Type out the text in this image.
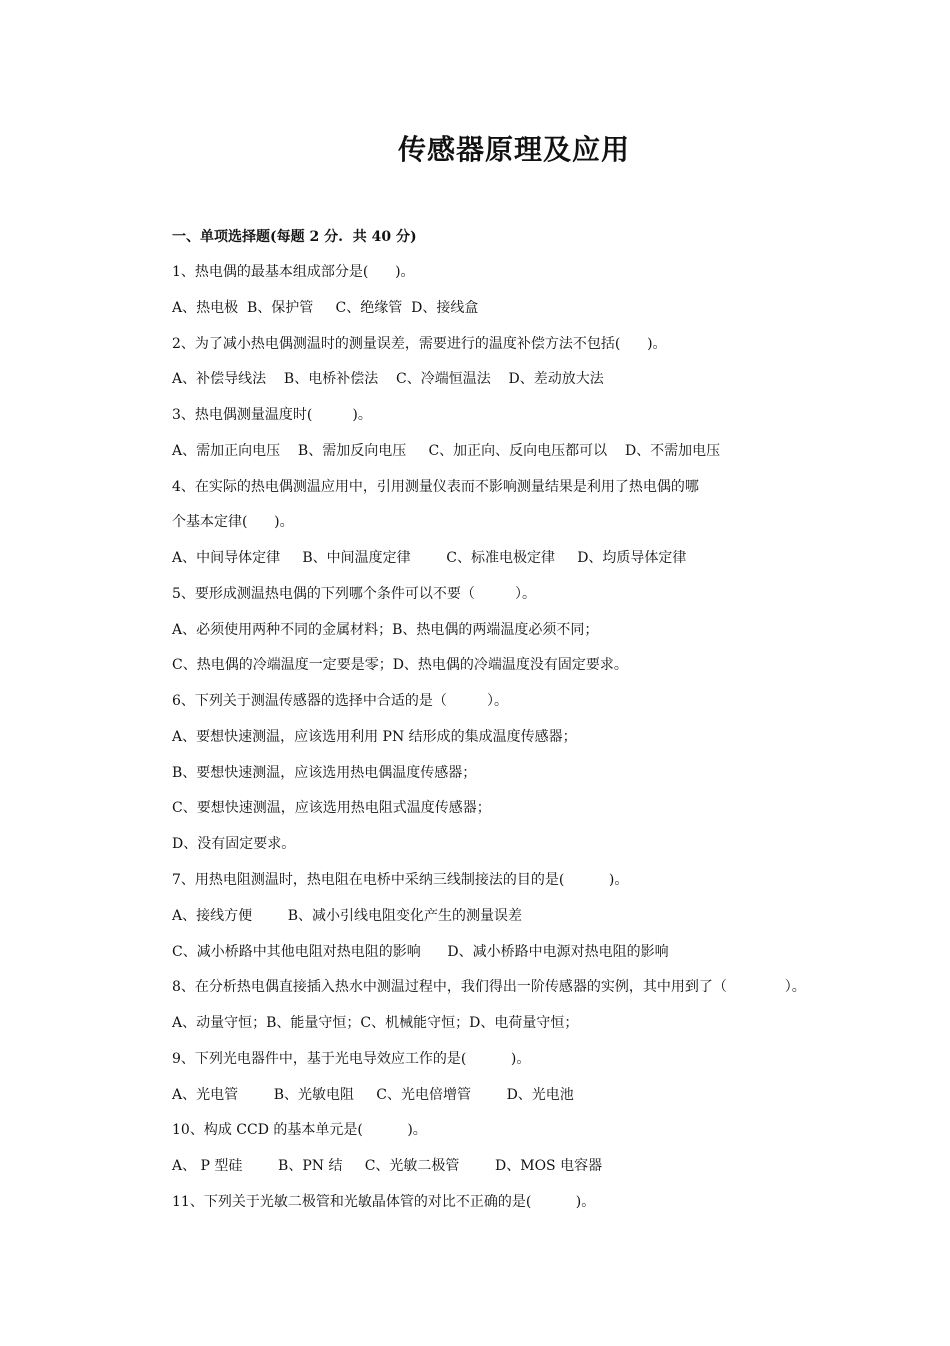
传感器原理及应用
一、单项选择题(每题 2 分.  共 40 分)
1、热电偶的最基本组成部分是(      )。
A、热电极  B、保护管     C、绝缘管  D、接线盒
2、为了减小热电偶测温时的测量误差，需要进行的温度补偿方法不包括(      )。
A、补偿导线法    B、电桥补偿法    C、冷端恒温法    D、差动放大法
3、热电偶测量温度时(         )。
A、需加正向电压    B、需加反向电压     C、加正向、反向电压都可以    D、不需加电压
4、在实际的热电偶测温应用中，引用测量仪表而不影响测量结果是利用了热电偶的哪
个基本定律(      )。
A、中间导体定律     B、中间温度定律        C、标准电极定律     D、均质导体定律
5、要形成测温热电偶的下列哪个条件可以不要（         ）。
A、必须使用两种不同的金属材料；B、热电偶的两端温度必须不同；
C、热电偶的冷端温度一定要是零；D、热电偶的冷端温度没有固定要求。
6、下列关于测温传感器的选择中合适的是（         ）。
A、要想快速测温，应该选用利用 PN 结形成的集成温度传感器；
B、要想快速测温，应该选用热电偶温度传感器；
C、要想快速测温，应该选用热电阻式温度传感器；
D、没有固定要求。
7、用热电阻测温时，热电阻在电桥中采纳三线制接法的目的是(          )。
A、接线方便        B、减小引线电阻变化产生的测量误差
C、减小桥路中其他电阻对热电阻的影响      D、减小桥路中电源对热电阻的影响
8、在分析热电偶直接插入热水中测温过程中，我们得出一阶传感器的实例，其中用到了（             ）。
A、动量守恒；B、能量守恒；C、机械能守恒；D、电荷量守恒；
9、下列光电器件中，基于光电导效应工作的是(          )。
A、光电管        B、光敏电阻     C、光电倍增管        D、光电池
10、构成 CCD 的基本单元是(          )。
A、 P 型硅        B、PN 结     C、光敏二极管        D、MOS 电容器
11、下列关于光敏二极管和光敏晶体管的对比不正确的是(          )。
